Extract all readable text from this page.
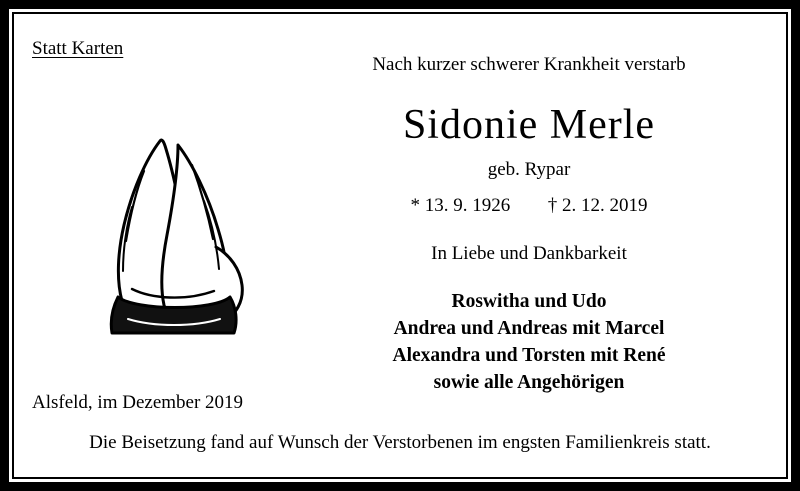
Statt Karten
Nach kurzer schwerer Krankheit verstarb
Sidonie Merle
geb. Rypar
* 13. 9. 1926 † 2. 12. 2019
In Liebe und Dankbarkeit
Roswitha und Udo
Andrea und Andreas mit Marcel
Alexandra und Torsten mit René
sowie alle Angehörigen
Alsfeld, im Dezember 2019
Die Beisetzung fand auf Wunsch der Verstorbenen im engsten Familienkreis statt.
